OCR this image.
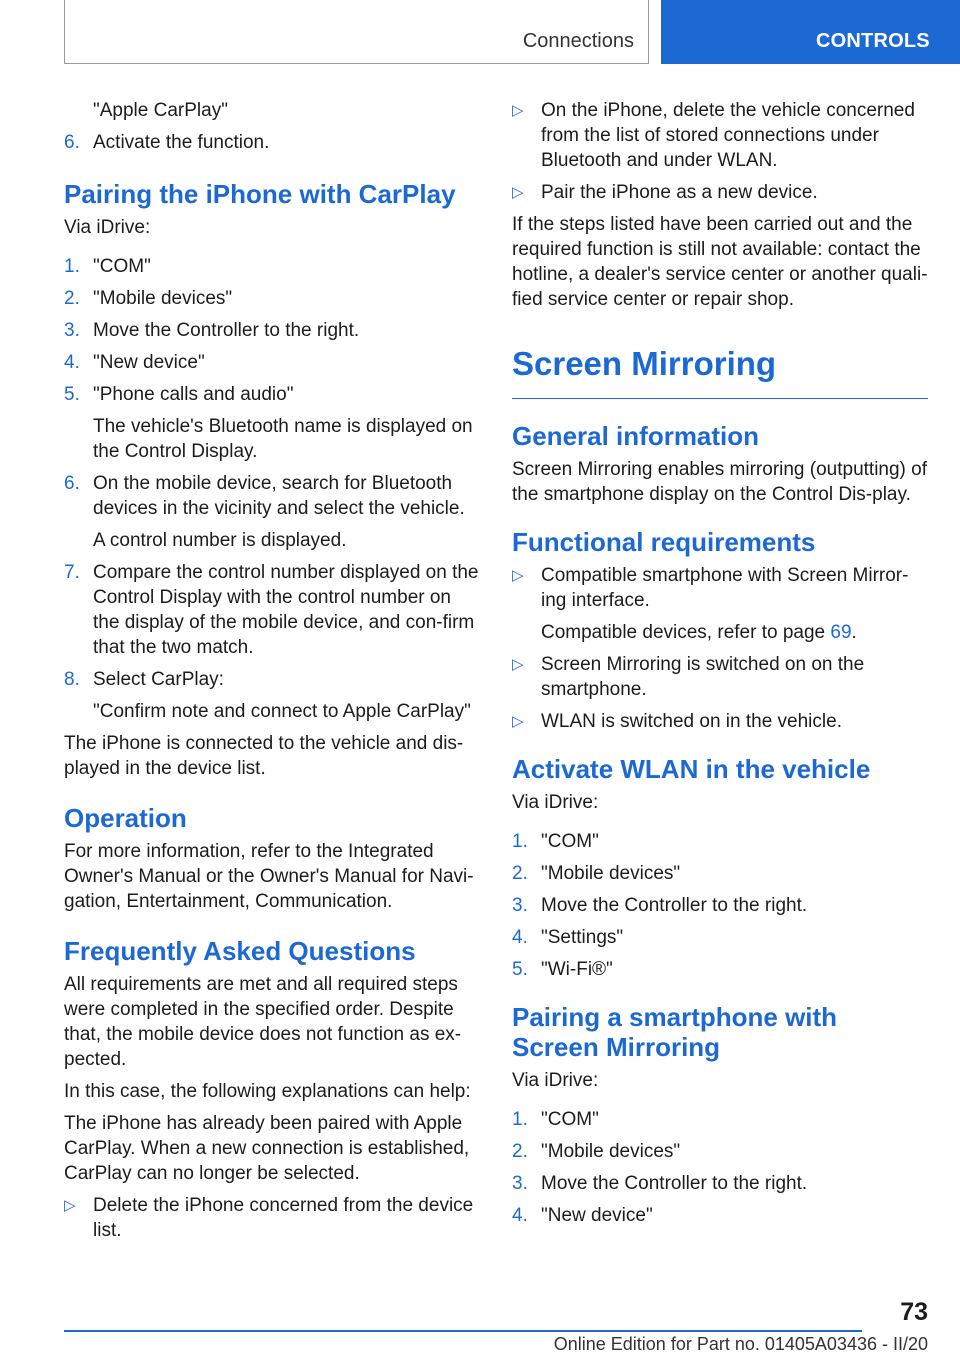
Connections	CONTROLS
"Apple CarPlay"
6. Activate the function.
Pairing the iPhone with CarPlay
Via iDrive:
1. "COM"
2. "Mobile devices"
3. Move the Controller to the right.
4. "New device"
5. "Phone calls and audio"
The vehicle's Bluetooth name is displayed on the Control Display.
6. On the mobile device, search for Bluetooth devices in the vicinity and select the vehicle.
A control number is displayed.
7. Compare the control number displayed on the Control Display with the control number on the display of the mobile device, and con-firm that the two match.
8. Select CarPlay:
"Confirm note and connect to Apple CarPlay"
The iPhone is connected to the vehicle and dis-played in the device list.
Operation
For more information, refer to the Integrated Owner's Manual or the Owner's Manual for Navi-gation, Entertainment, Communication.
Frequently Asked Questions
All requirements are met and all required steps were completed in the specified order. Despite that, the mobile device does not function as ex-pected.
In this case, the following explanations can help:
The iPhone has already been paired with Apple CarPlay. When a new connection is established, CarPlay can no longer be selected.
▷ Delete the iPhone concerned from the device list.
▷ On the iPhone, delete the vehicle concerned from the list of stored connections under Bluetooth and under WLAN.
▷ Pair the iPhone as a new device.
If the steps listed have been carried out and the required function is still not available: contact the hotline, a dealer's service center or another quali-fied service center or repair shop.
Screen Mirroring
General information
Screen Mirroring enables mirroring (outputting) of the smartphone display on the Control Dis-play.
Functional requirements
▷ Compatible smartphone with Screen Mirror-ing interface.
Compatible devices, refer to page 69.
▷ Screen Mirroring is switched on on the smartphone.
▷ WLAN is switched on in the vehicle.
Activate WLAN in the vehicle
Via iDrive:
1. "COM"
2. "Mobile devices"
3. Move the Controller to the right.
4. "Settings"
5. "Wi-Fi®"
Pairing a smartphone with Screen Mirroring
Via iDrive:
1. "COM"
2. "Mobile devices"
3. Move the Controller to the right.
4. "New device"
73
Online Edition for Part no. 01405A03436 - II/20
